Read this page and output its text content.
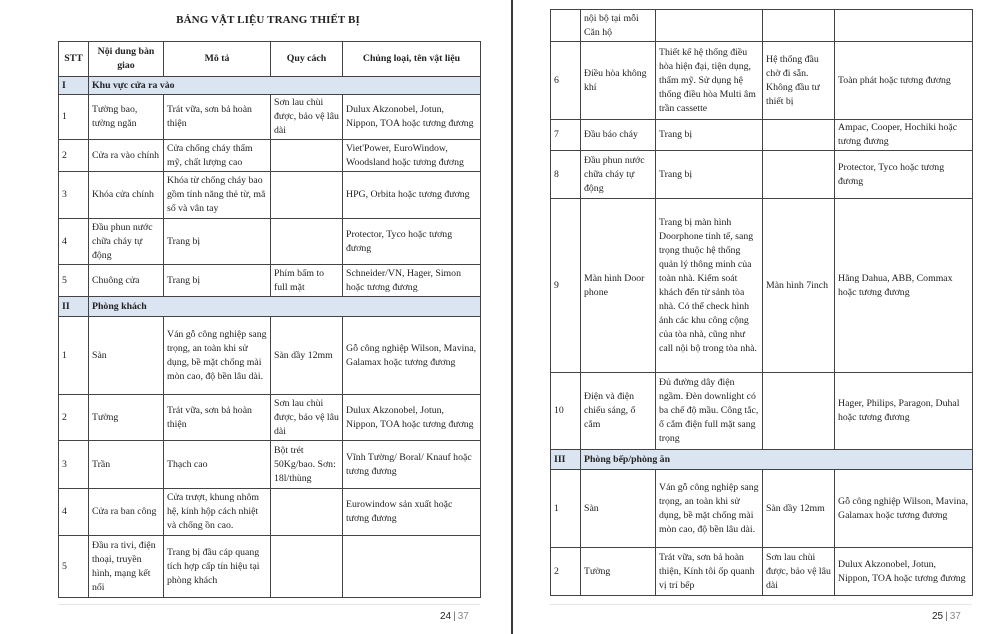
BẢNG VẬT LIỆU TRANG THIẾT BỊ
STT	Nội dung bàn giao	Mô tả	Quy cách	Chủng loại, tên vật liệu
I	Khu vực cửa ra vào			
1	Tường bao, tường ngăn	Trát vữa, sơn bả hoàn thiện	Sơn lau chùi được, bảo vệ lâu dài	Dulux Akzonobel, Jotun, Nippon, TOA hoặc tương đương
2	Cửa ra vào chính	Cửa chống cháy thẩm mỹ, chất lượng cao		Viet'Power, EuroWindow, Woodsland hoặc tương đương
3	Khóa cửa chính	Khóa từ chống cháy bao gồm tính năng thẻ từ, mã số và vân tay		HPG, Orbita hoặc tương đương
4	Đầu phun nước chữa cháy tự động	Trang bị		Protector, Tyco hoặc tương đương
5	Chuông cửa	Trang bị	Phím bấm to full mặt	Schneider/VN, Hager, Simon hoặc tương đương
II	Phòng khách			
1	Sàn	Ván gỗ công nghiệp sang trọng, an toàn khi sử dụng, bề mặt chống mài mòn cao, độ bền lâu dài.	Sàn dầy 12mm	Gỗ công nghiệp Wilson, Mavina, Galamax hoặc tương đương
2	Tường	Trát vữa, sơn bả hoàn thiện	Sơn lau chùi được, bảo vệ lâu dài	Dulux Akzonobel, Jotun, Nippon, TOA hoặc tương đương
3	Trần	Thạch cao	Bột trét 50Kg/bao. Sơn: 18l/thùng	Vĩnh Tường/ Boral/ Knauf hoặc tương đương
4	Cửa ra ban công	Cửa trượt, khung nhôm hệ, kính hộp cách nhiệt và chống ồn cao.		Eurowindow sản xuất hoặc tương đương
5	Đầu ra tivi, điện thoại, truyền hình, mạng kết nối	Trang bị đầu cáp quang tích hợp cấp tín hiệu tại phòng khách		
24 | 37
	nội bộ tại mỗi Căn hộ			
6	Điều hòa không khí	Thiết kế hệ thống điều hòa hiện đại, tiện dụng, thẩm mỹ. Sử dụng hệ thống điều hòa Multi âm trần cassette	Hệ thống đầu chờ đi sẵn. Không đầu tư thiết bị	Toàn phát hoặc tương đương
7	Đầu báo cháy	Trang bị		Ampac, Cooper, Hochiki hoặc tương đương
8	Đầu phun nước chữa cháy tự động	Trang bị		Protector, Tyco hoặc tương đương
9	Màn hình Door phone	Trang bị màn hình Doorphone tinh tế, sang trọng thuộc hệ thống quản lý thông minh của toàn nhà. Kiểm soát khách đến từ sảnh tòa nhà. Có thể check hình ảnh các khu công cộng của tòa nhà, cũng như call nội bộ trong tòa nhà.	Màn hình 7inch	Hãng Dahua, ABB, Commax hoặc tương đương
10	Điện và điện chiếu sáng, ổ cắm	Đủ đường dây điện ngầm. Đèn downlight có ba chế độ mầu. Công tắc, ổ cắm điện full mặt sang trọng		Hager, Philips, Paragon, Duhal hoặc tương đương
III	Phòng bếp/phòng ăn			
1	Sàn	Ván gỗ công nghiệp sang trọng, an toàn khi sử dụng, bề mặt chống mài mòn cao, độ bền lâu dài.	Sàn dầy 12mm	Gỗ công nghiệp Wilson, Mavina, Galamax hoặc tương đương
2	Tường	Trát vữa, sơn bả hoàn thiện, Kính tôi ốp quanh vị trí bếp	Sơn lau chùi được, bảo vệ lâu dài	Dulux Akzonobel, Jotun, Nippon, TOA hoặc tương đương
25 | 37
